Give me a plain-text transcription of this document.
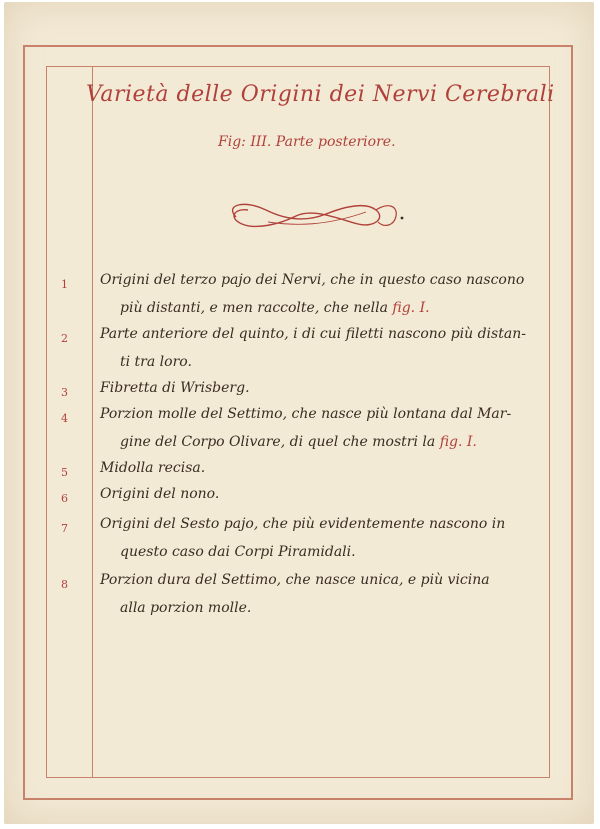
Varietà delle Origini dei Nervi Cerebrali
Fig: III. Parte posteriore.
1	Origini del terzo pajo dei Nervi, che in questo caso nascono
più distanti, e men raccolte, che nella fig. I.
2	Parte anteriore del quinto, i di cui filetti nascono più distan-
ti tra loro.
3	Fibretta di Wrisberg.
4	Porzion molle del Settimo, che nasce più lontana dal Mar-
gine del Corpo Olivare, di quel che mostri la fig. I.
5	Midolla recisa.
6	Origini del nono.
7	Origini del Sesto pajo, che più evidentemente nascono in
questo caso dai Corpi Piramidali.
8	Porzion dura del Settimo, che nasce unica, e più vicina
alla porzion molle.
